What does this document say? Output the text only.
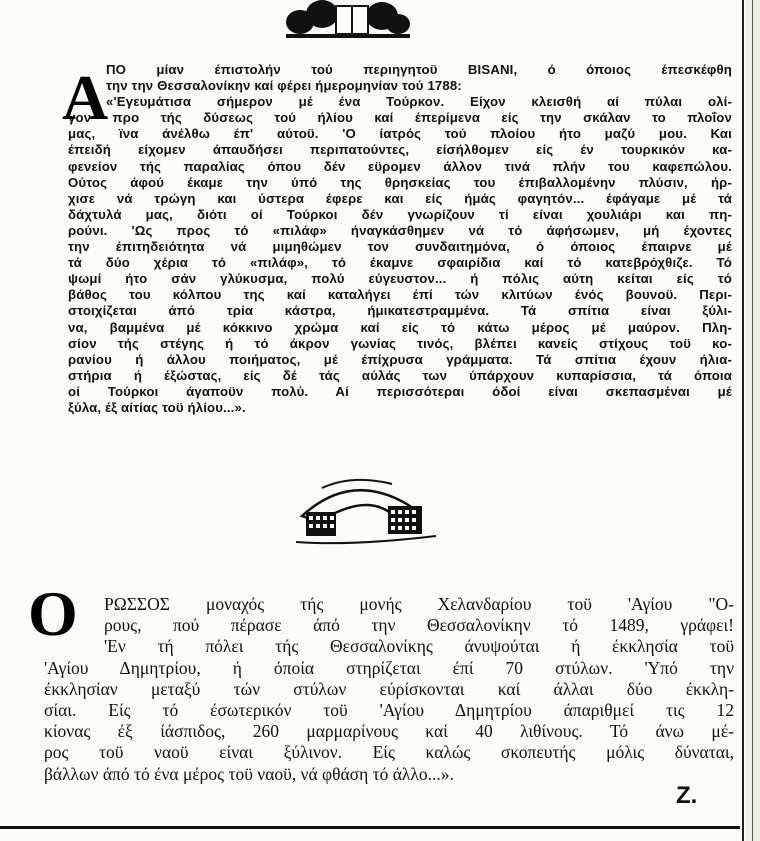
Α
ΠΟ μίαν έπιστολήν τού περιηγητοϋ BISANI, ό όποιος έπεσκέφθη
την την Θεσσαλονίκην καί φέρει ήμερομηνίαν τού 1788:
«'Εγευμάτισα σήμερον μέ ένα Τούρκον. Είχον κλεισθή αί πύλαι ολί-
γον προ τής δύσεως τού ήλίου καί έπερίμενα είς την σκάλαν το πλοΐον
μας, ϊνα άνέλθω έπ' αύτοϋ. 'Ο ίατρός τού πλοίου ήτο μαζύ μου. Και
έπειδή είχομεν άπαυδήσει περιπατούντες, είσήλθομεν είς έν τουρκικόν κα-
φενείον τής παραλίας όπου δέν εϋρομεν άλλον τινά πλήν του καφεπώλου.
Ούτος άφού έκαμε την ύπό της θρησκείας του έπιβαλλομένην πλύσιν, ήρ-
χισε νά τρώγη και ύστερα έφερε και είς ήμάς φαγητόν... έφάγαμε μέ τά
δάχτυλά μας, διότι οί Τούρκοι δέν γνωρίζουν τί είναι χουλιάρι και πη-
ρούνι. 'Ως προς τό «πιλάφ» ήναγκάσθημεν νά τό άφήσωμεν, μή έχοντες
την έπιτηδειότητα νά μιμηθώμεν τον συνδαιτημόνα, ό όποιος έπαιρνε μέ
τά δύο χέρια τό «πιλάφ», τό έκαμνε σφαιρίδια καί τό κατεβρόχθιζε. Τό
ψωμί ήτο σάν γλύκυσμα, πολύ εύγευστον... ή πόλις αύτη κείται είς τό
βάθος του κόλπου της καί καταλήγει έπί τών κλιτύων ένός βουνοϋ. Περι-
στοιχίζεται άπό τρία κάστρα, ήμικατεστραμμένα. Τά σπίτια είναι ξύλι-
να, βαμμένα μέ κόκκινο χρώμα καί είς τό κάτω μέρος μέ μαύρον. Πλη-
σίον τής στέγης ή τό άκρον γωνίας τινός, βλέπει κανείς στίχους τοϋ κο-
ρανίου ή άλλου ποιήματος, μέ έπίχρυσα γράμματα. Τά σπίτια έχουν ήλια-
στήρια ή έξώστας, είς δέ τάς αύλάς των ύπάρχουν κυπαρίσσια, τά όποια
οί Τούρκοι άγαποϋν πολύ. Αί περισσότεραι όδοί είναι σκεπασμέναι μέ
ξύλα, έξ αίτίας τοϋ ήλίου...».
Ο	ΡΩΣΣΟΣ μοναχός τής μονής Χελανδαρίου τοϋ 'Αγίου "Ο-
ρους, πού πέρασε άπό την Θεσσαλονίκην τό 1489, γράφει!
'Εν τή πόλει τής Θεσσαλονίκης άνυψούται ή έκκλησία τοϋ
'Αγίου Δημητρίου, ή όποία στηρίζεται έπί 70 στύλων. 'Υπό την
έκκλησίαν μεταξύ τών στύλων εύρίσκονται καί άλλαι δύο έκκλη-
σίαι. Είς τό έσωτερικόν τοϋ 'Αγίου Δημητρίου άπαριθμεί τις 12
κίονας έξ ίάσπιδος, 260 μαρμαρίνους καί 40 λιθίνους. Τό άνω μέ-
ρος τοϋ ναοϋ είναι ξύλινον. Είς καλώς σκοπευτής μόλις δύναται,
βάλλων άπό τό ένα μέρος τοϋ ναοϋ, νά φθάση τό άλλο...».
Ζ.
